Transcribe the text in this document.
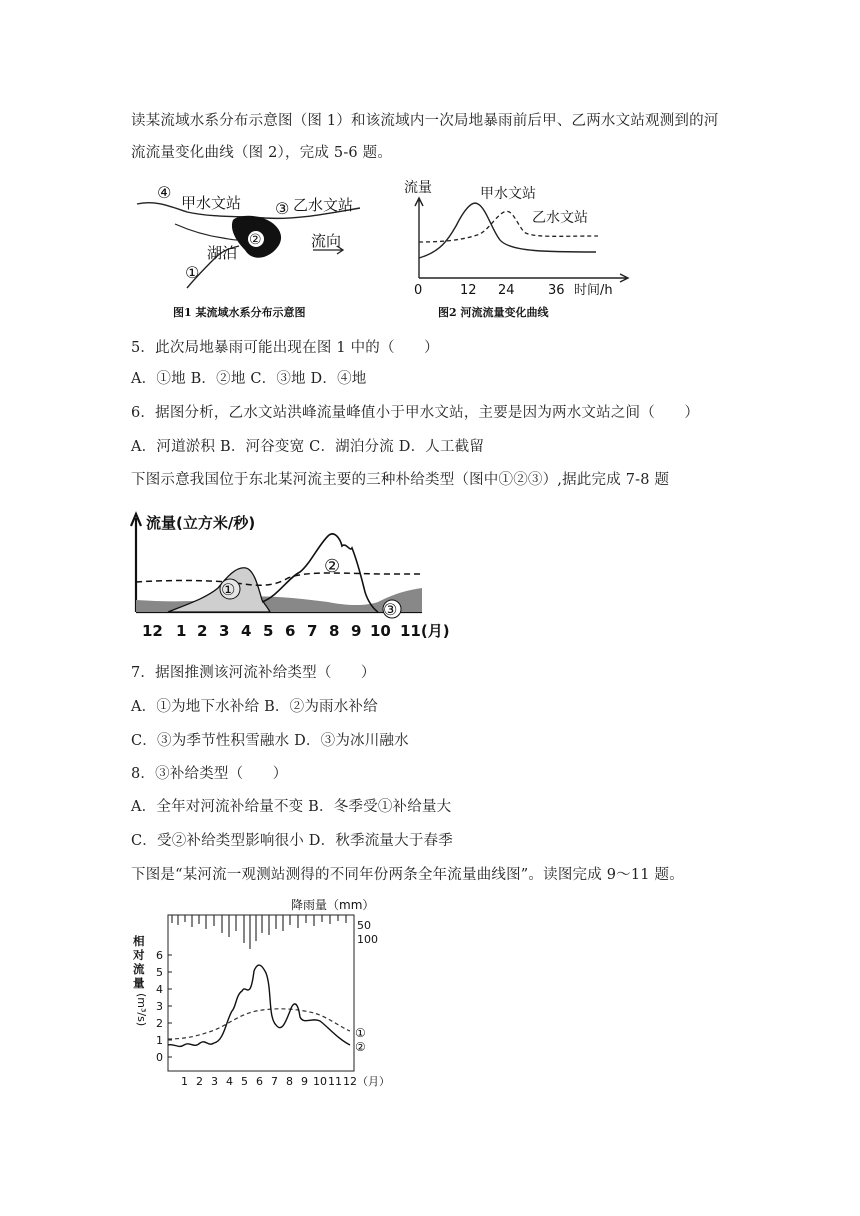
读某流域水系分布示意图（图 1）和该流域内一次局地暴雨前后甲、乙两水文站观测到的河
流流量变化曲线（图 2），完成 5-6 题。
②
④
甲水文站 ③ 乙水文站
湖泊
流向
①
图1 某流域水系分布示意图
流量	甲水文站
乙水文站
0	12 24	36 时间/h
图2 河流流量变化曲线
5．此次局地暴雨可能出现在图 1 中的（　　）
A．①地 B．②地 C．③地 D．④地
6．据图分析，乙水文站洪峰流量峰值小于甲水文站，主要是因为两水文站之间（　　）
A．河道淤积 B．河谷变宽 C．湖泊分流 D．人工截留
下图示意我国位于东北某河流主要的三种朴给类型（图中①②③）,据此完成 7-8 题
流量(立方米/秒)
①
②
③
12 1 2 3 4 5 6 7 8 9 10 11(月)
7．据图推测该河流补给类型（　　）
A．①为地下水补给 B．②为雨水补给
C．③为季节性积雪融水 D．③为冰川融水
8．③补给类型（　　）
A．全年对河流补给量不变 B．冬季受①补给量大
C．受②补给类型影响很小 D．秋季流量大于春季
下图是“某河流一观测站测得的不同年份两条全年流量曲线图”。读图完成 9～11 题。
降雨量（mm）
50
100
相
对
流
量
(m³/s)
0
1
2
3
4
5
6
①
②
1 2 3 4 5 6 7 8 9 10 11 12 （月）
